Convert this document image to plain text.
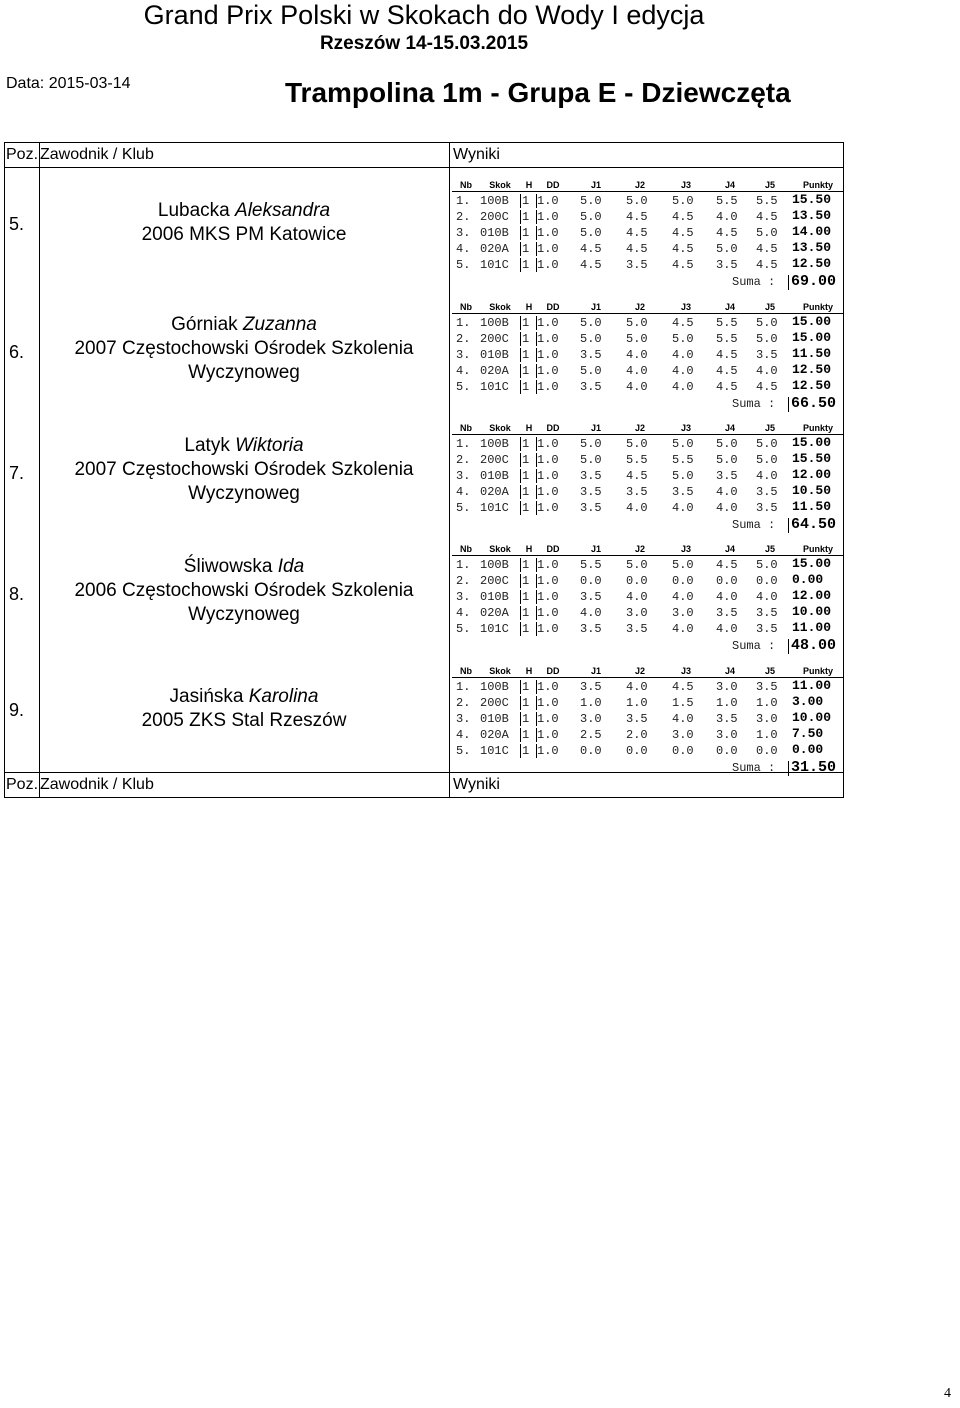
Grand Prix Polski w Skokach do Wody I edycja
Rzeszów 14-15.03.2015
Data: 2015-03-14	Trampolina 1m - Grupa E - Dziewczęta
Poz. Zawodnik / Klub	Wyniki
5.
Lubacka Aleksandra
2006 MKS PM Katowice
Nb	Skok	H	DD	J1	J2	J3	J4	J5	Punkty
1. 100B 1 1.0 5.0 5.0 5.0 5.5 5.5 15.50
2. 200C 1 1.0 5.0 4.5 4.5 4.0 4.5 13.50
3. 010B 1 1.0 5.0 4.5 4.5 4.5 5.0 14.00
4. 020A 1 1.0 4.5 4.5 4.5 5.0 4.5 13.50
5. 101C 1 1.0 4.5 3.5 4.5 3.5 4.5 12.50
Suma : 69.00
6.
Górniak Zuzanna
2007 Częstochowski Ośrodek Szkolenia
Wyczynoweg
Nb	Skok	H	DD	J1	J2	J3	J4	J5	Punkty
1. 100B 1 1.0 5.0 5.0 4.5 5.5 5.0 15.00
2. 200C 1 1.0 5.0 5.0 5.0 5.5 5.0 15.00
3. 010B 1 1.0 3.5 4.0 4.0 4.5 3.5 11.50
4. 020A 1 1.0 5.0 4.0 4.0 4.5 4.0 12.50
5. 101C 1 1.0 3.5 4.0 4.0 4.5 4.5 12.50
Suma : 66.50
7.
Latyk Wiktoria
2007 Częstochowski Ośrodek Szkolenia
Wyczynoweg
Nb	Skok	H	DD	J1	J2	J3	J4	J5	Punkty
1. 100B 1 1.0 5.0 5.0 5.0 5.0 5.0 15.00
2. 200C 1 1.0 5.0 5.5 5.5 5.0 5.0 15.50
3. 010B 1 1.0 3.5 4.5 5.0 3.5 4.0 12.00
4. 020A 1 1.0 3.5 3.5 3.5 4.0 3.5 10.50
5. 101C 1 1.0 3.5 4.0 4.0 4.0 3.5 11.50
Suma : 64.50
8.
Śliwowska Ida
2006 Częstochowski Ośrodek Szkolenia
Wyczynoweg
Nb	Skok	H	DD	J1	J2	J3	J4	J5	Punkty
1. 100B 1 1.0 5.5 5.0 5.0 4.5 5.0 15.00
2. 200C 1 1.0 0.0 0.0 0.0 0.0 0.0 0.00
3. 010B 1 1.0 3.5 4.0 4.0 4.0 4.0 12.00
4. 020A 1 1.0 4.0 3.0 3.0 3.5 3.5 10.00
5. 101C 1 1.0 3.5 3.5 4.0 4.0 3.5 11.00
Suma : 48.00
9.
Jasińska Karolina
2005 ZKS Stal Rzeszów
Nb	Skok	H	DD	J1	J2	J3	J4	J5	Punkty
1. 100B 1 1.0 3.5 4.0 4.5 3.0 3.5 11.00
2. 200C 1 1.0 1.0 1.0 1.5 1.0 1.0 3.00
3. 010B 1 1.0 3.0 3.5 4.0 3.5 3.0 10.00
4. 020A 1 1.0 2.5 2.0 3.0 3.0 1.0 7.50
5. 101C 1 1.0 0.0 0.0 0.0 0.0 0.0 0.00
Suma : 31.50
Poz. Zawodnik / Klub	Wyniki
4
